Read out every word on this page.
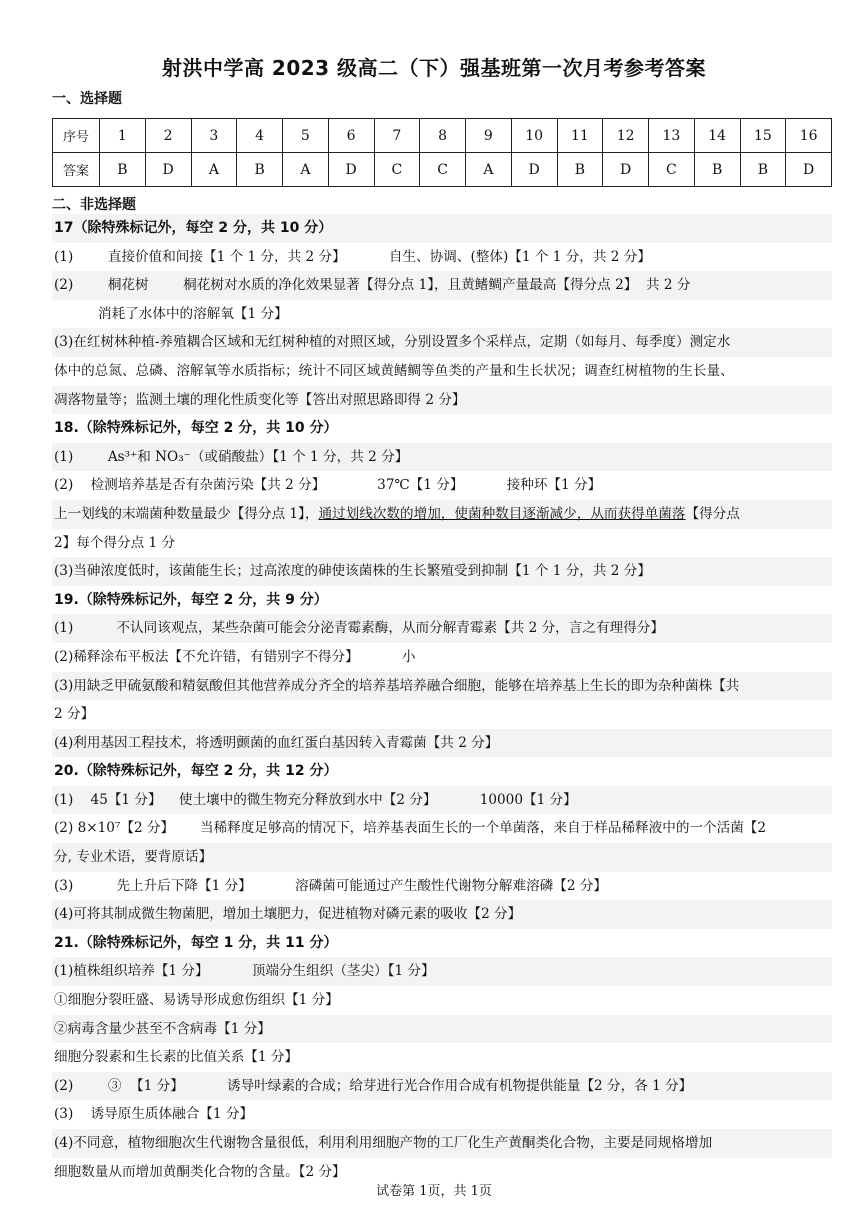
射洪中学高 2023 级高二（下）强基班第一次月考参考答案
一、选择题
序号	1	2	3	4	5	6	7	8	9	10	11	12	13	14	15	16
答案	B	D	A	B	A	D	C	C	A	D	B	D	C	B	B	D
二、非选择题
17（除特殊标记外，每空 2 分，共 10 分）
(1)        直接价值和间接【1 个 1 分，共 2 分】          自生、协调、(整体)【1 个 1 分，共 2 分】
(2)        桐花树        桐花树对水质的净化效果显著【得分点 1】，且黄鳍鲷产量最高【得分点 2】  共 2 分
消耗了水体中的溶解氧【1 分】
(3)在红树林种植-养殖耦合区域和无红树种植的对照区域，分别设置多个采样点，定期（如每月、每季度）测定水
体中的总氮、总磷、溶解氧等水质指标；统计不同区域黄鳍鲷等鱼类的产量和生长状况；调查红树植物的生长量、
凋落物量等；监测土壤的理化性质变化等【答出对照思路即得 2 分】
18.（除特殊标记外，每空 2 分，共 10 分）
(1)        As³⁺和 NO₃⁻（或硝酸盐）【1 个 1 分，共 2 分】
(2)    检测培养基是否有杂菌污染【共 2 分】            37℃【1 分】          接种环【1 分】
上一划线的末端菌种数量最少【得分点 1】，通过划线次数的增加，使菌种数目逐渐减少，从而获得单菌落【得分点
2】每个得分点 1 分
(3)当砷浓度低时，该菌能生长；过高浓度的砷使该菌株的生长繁殖受到抑制【1 个 1 分，共 2 分】
19.（除特殊标记外，每空 2 分，共 9 分）
(1)          不认同该观点，某些杂菌可能会分泌青霉素酶，从而分解青霉素【共 2 分，言之有理得分】
(2)稀释涂布平板法【不允许错，有错别字不得分】          小
(3)用缺乏甲硫氨酸和精氨酸但其他营养成分齐全的培养基培养融合细胞，能够在培养基上生长的即为杂种菌株【共
2 分】
(4)利用基因工程技术，将透明颤菌的血红蛋白基因转入青霉菌【共 2 分】
20.（除特殊标记外，每空 2 分，共 12 分）
(1)    45【1 分】    使土壤中的微生物充分释放到水中【2 分】          10000【1 分】
(2) 8×10⁷【2 分】      当稀释度足够高的情况下，培养基表面生长的一个单菌落，来自于样品稀释液中的一个活菌【2
分, 专业术语，要背原话】
(3)          先上升后下降【1 分】          溶磷菌可能通过产生酸性代谢物分解难溶磷【2 分】
(4)可将其制成微生物菌肥，增加土壤肥力，促进植物对磷元素的吸收【2 分】
21.（除特殊标记外，每空 1 分，共 11 分）
(1)植株组织培养【1 分】          顶端分生组织（茎尖）【1 分】
①细胞分裂旺盛、易诱导形成愈伤组织【1 分】
②病毒含量少甚至不含病毒【1 分】
细胞分裂素和生长素的比值关系【1 分】
(2)        ③  【1 分】          诱导叶绿素的合成；给芽进行光合作用合成有机物提供能量【2 分，各 1 分】
(3)    诱导原生质体融合【1 分】
(4)不同意，植物细胞次生代谢物含量很低，利用利用细胞产物的工厂化生产黄酮类化合物，主要是同规格增加
细胞数量从而增加黄酮类化合物的含量。【2 分】
试卷第 1页，共 1页
